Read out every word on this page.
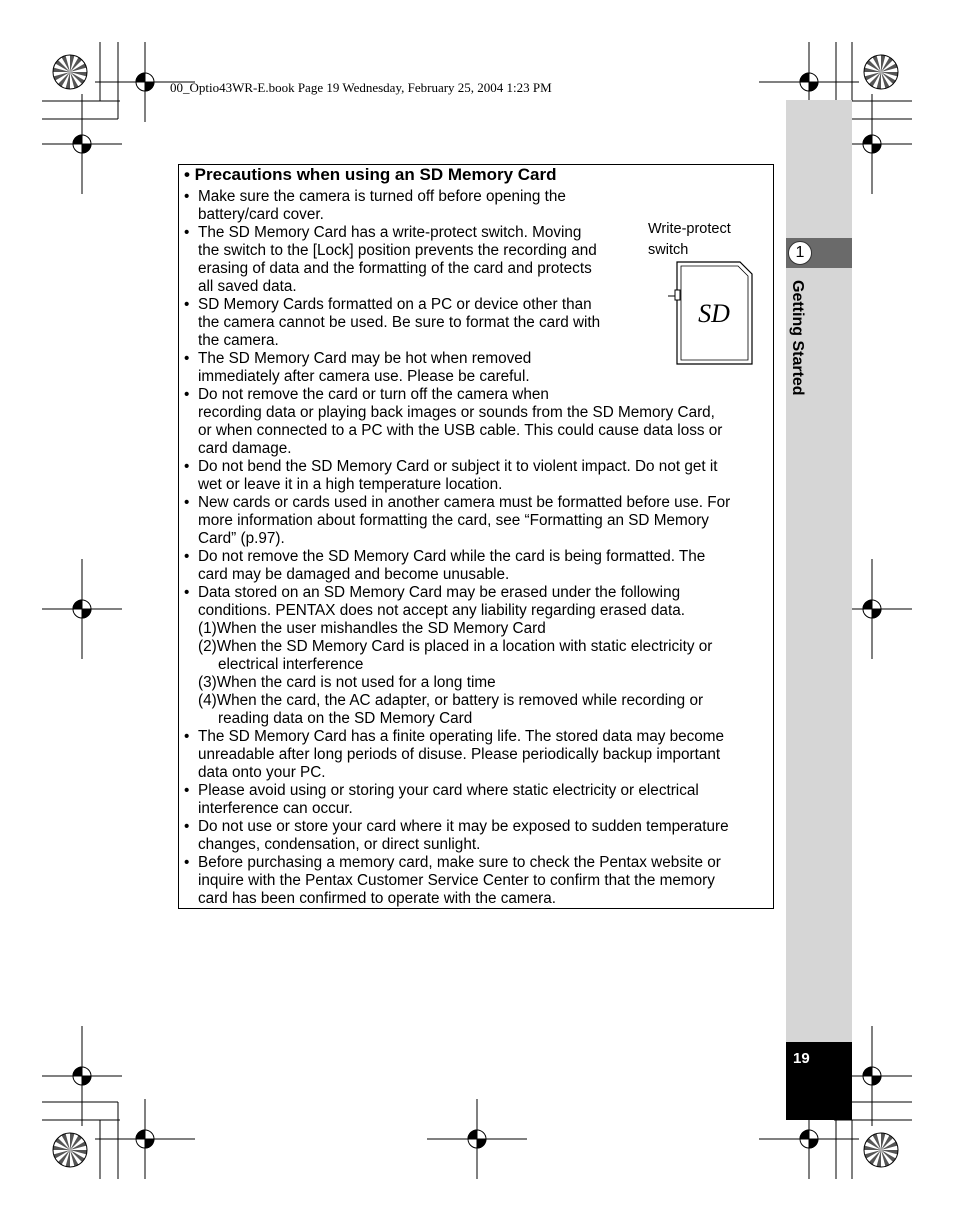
00_Optio43WR-E.book Page 19 Wednesday, February 25, 2004 1:23 PM
1
Getting Started
19
• Precautions when using an SD Memory Card
Write-protect
switch
SD
• Make sure the camera is turned off before opening the
battery/card cover.
• The SD Memory Card has a write-protect switch. Moving
the switch to the [Lock] position prevents the recording and
erasing of data and the formatting of the card and protects
all saved data.
• SD Memory Cards formatted on a PC or device other than
the camera cannot be used. Be sure to format the card with
the camera.
• The SD Memory Card may be hot when removed
immediately after camera use. Please be careful.
• Do not remove the card or turn off the camera when
recording data or playing back images or sounds from the SD Memory Card,
or when connected to a PC with the USB cable. This could cause data loss or
card damage.
• Do not bend the SD Memory Card or subject it to violent impact. Do not get it
wet or leave it in a high temperature location.
• New cards or cards used in another camera must be formatted before use. For
more information about formatting the card, see “Formatting an SD Memory
Card” (p.97).
• Do not remove the SD Memory Card while the card is being formatted. The
card may be damaged and become unusable.
• Data stored on an SD Memory Card may be erased under the following
conditions. PENTAX does not accept any liability regarding erased data.
(1)When the user mishandles the SD Memory Card
(2)When the SD Memory Card is placed in a location with static electricity or
electrical interference
(3)When the card is not used for a long time
(4)When the card, the AC adapter, or battery is removed while recording or
reading data on the SD Memory Card
• The SD Memory Card has a finite operating life. The stored data may become
unreadable after long periods of disuse. Please periodically backup important
data onto your PC.
• Please avoid using or storing your card where static electricity or electrical
interference can occur.
• Do not use or store your card where it may be exposed to sudden temperature
changes, condensation, or direct sunlight.
• Before purchasing a memory card, make sure to check the Pentax website or
inquire with the Pentax Customer Service Center to confirm that the memory
card has been confirmed to operate with the camera.
